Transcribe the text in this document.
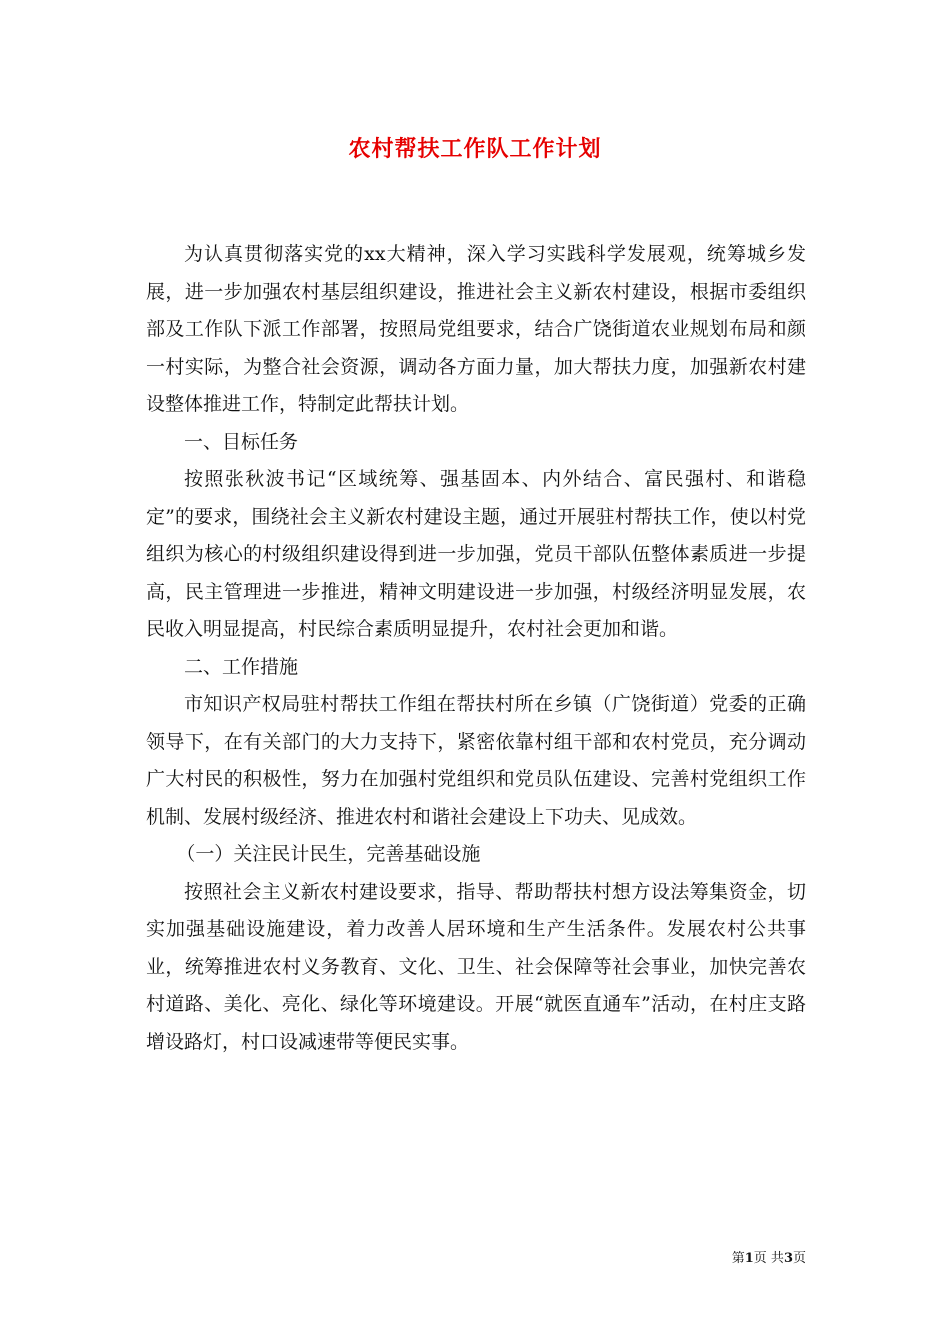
农村帮扶工作队工作计划

为认真贯彻落实党的xx大精神，深入学习实践科学发展观，统筹城乡发展，进一步加强农村基层组织建设，推进社会主义新农村建设，根据市委组织部及工作队下派工作部署，按照局党组要求，结合广饶街道农业规划布局和颜一村实际，为整合社会资源，调动各方面力量，加大帮扶力度，加强新农村建设整体推进工作，特制定此帮扶计划。

一、目标任务

按照张秋波书记“区域统筹、强基固本、内外结合、富民强村、和谐稳定”的要求，围绕社会主义新农村建设主题，通过开展驻村帮扶工作，使以村党组织为核心的村级组织建设得到进一步加强，党员干部队伍整体素质进一步提高，民主管理进一步推进，精神文明建设进一步加强，村级经济明显发展，农民收入明显提高，村民综合素质明显提升，农村社会更加和谐。

二、工作措施

市知识产权局驻村帮扶工作组在帮扶村所在乡镇（广饶街道）党委的正确领导下，在有关部门的大力支持下，紧密依靠村组干部和农村党员，充分调动广大村民的积极性，努力在加强村党组织和党员队伍建设、完善村党组织工作机制、发展村级经济、推进农村和谐社会建设上下功夫、见成效。

（一）关注民计民生，完善基础设施

按照社会主义新农村建设要求，指导、帮助帮扶村想方设法筹集资金，切实加强基础设施建设，着力改善人居环境和生产生活条件。发展农村公共事业，统筹推进农村义务教育、文化、卫生、社会保障等社会事业，加快完善农村道路、美化、亮化、绿化等环境建设。开展“就医直通车”活动，在村庄支路增设路灯，村口设减速带等便民实事。

第1页 共3页
